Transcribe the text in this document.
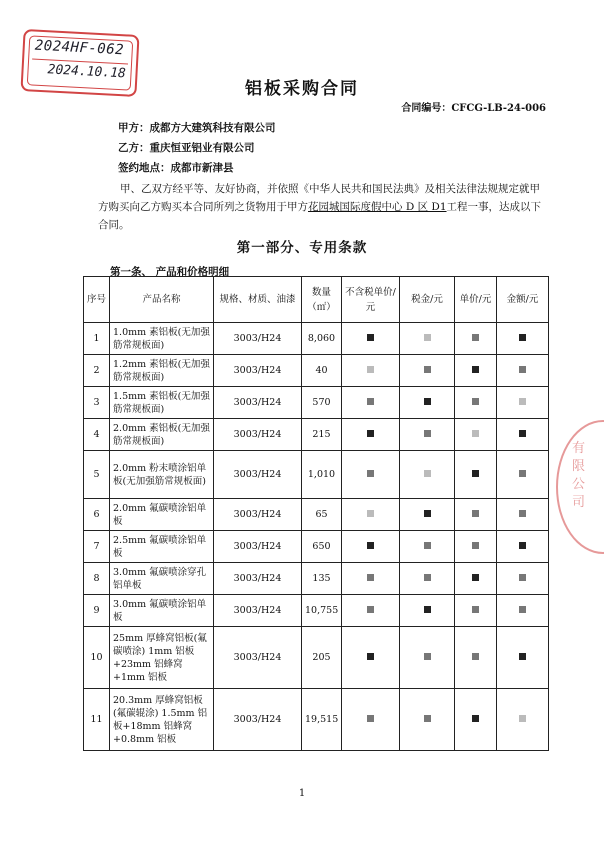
2024HF-062
2024.10.18
铝板采购合同
合同编号：CFCG-LB-24-006
甲方：成都方大建筑科技有限公司
乙方：重庆恒亚铝业有限公司
签约地点：成都市新津县
甲、乙双方经平等、友好协商，并依照《中华人民共和国民法典》及相关法律法规规定就甲方购买向乙方购买本合同所列之货物用于甲方花园城国际度假中心 D 区 D1工程一事，达成以下合同。
第一部分、专用条款
第一条、 产品和价格明细
序号	产品名称	规格、材质、油漆	数量（㎡）	不含税单价/元	税金/元	单价/元	金额/元
1	1.0mm 素铝板(无加强筋常规板面)	3003/H24	8,060				
2	1.2mm 素铝板(无加强筋常规板面)	3003/H24	40				
3	1.5mm 素铝板(无加强筋常规板面)	3003/H24	570				
4	2.0mm 素铝板(无加强筋常规板面)	3003/H24	215				
5	2.0mm 粉末喷涂铝单板(无加强筋常规板面)	3003/H24	1,010				
6	2.0mm 氟碳喷涂铝单板	3003/H24	65				
7	2.5mm 氟碳喷涂铝单板	3003/H24	650				
8	3.0mm 氟碳喷涂穿孔铝单板	3003/H24	135				
9	3.0mm 氟碳喷涂铝单板	3003/H24	10,755				
10	25mm 厚蜂窝铝板(氟碳喷涂) 1mm 铝板+23mm 铝蜂窝+1mm 铝板	3003/H24	205				
11	20.3mm 厚蜂窝铝板(氟碳辊涂) 1.5mm 铝板+18mm 铝蜂窝+0.8mm 铝板	3003/H24	19,515				
有限公司
1
